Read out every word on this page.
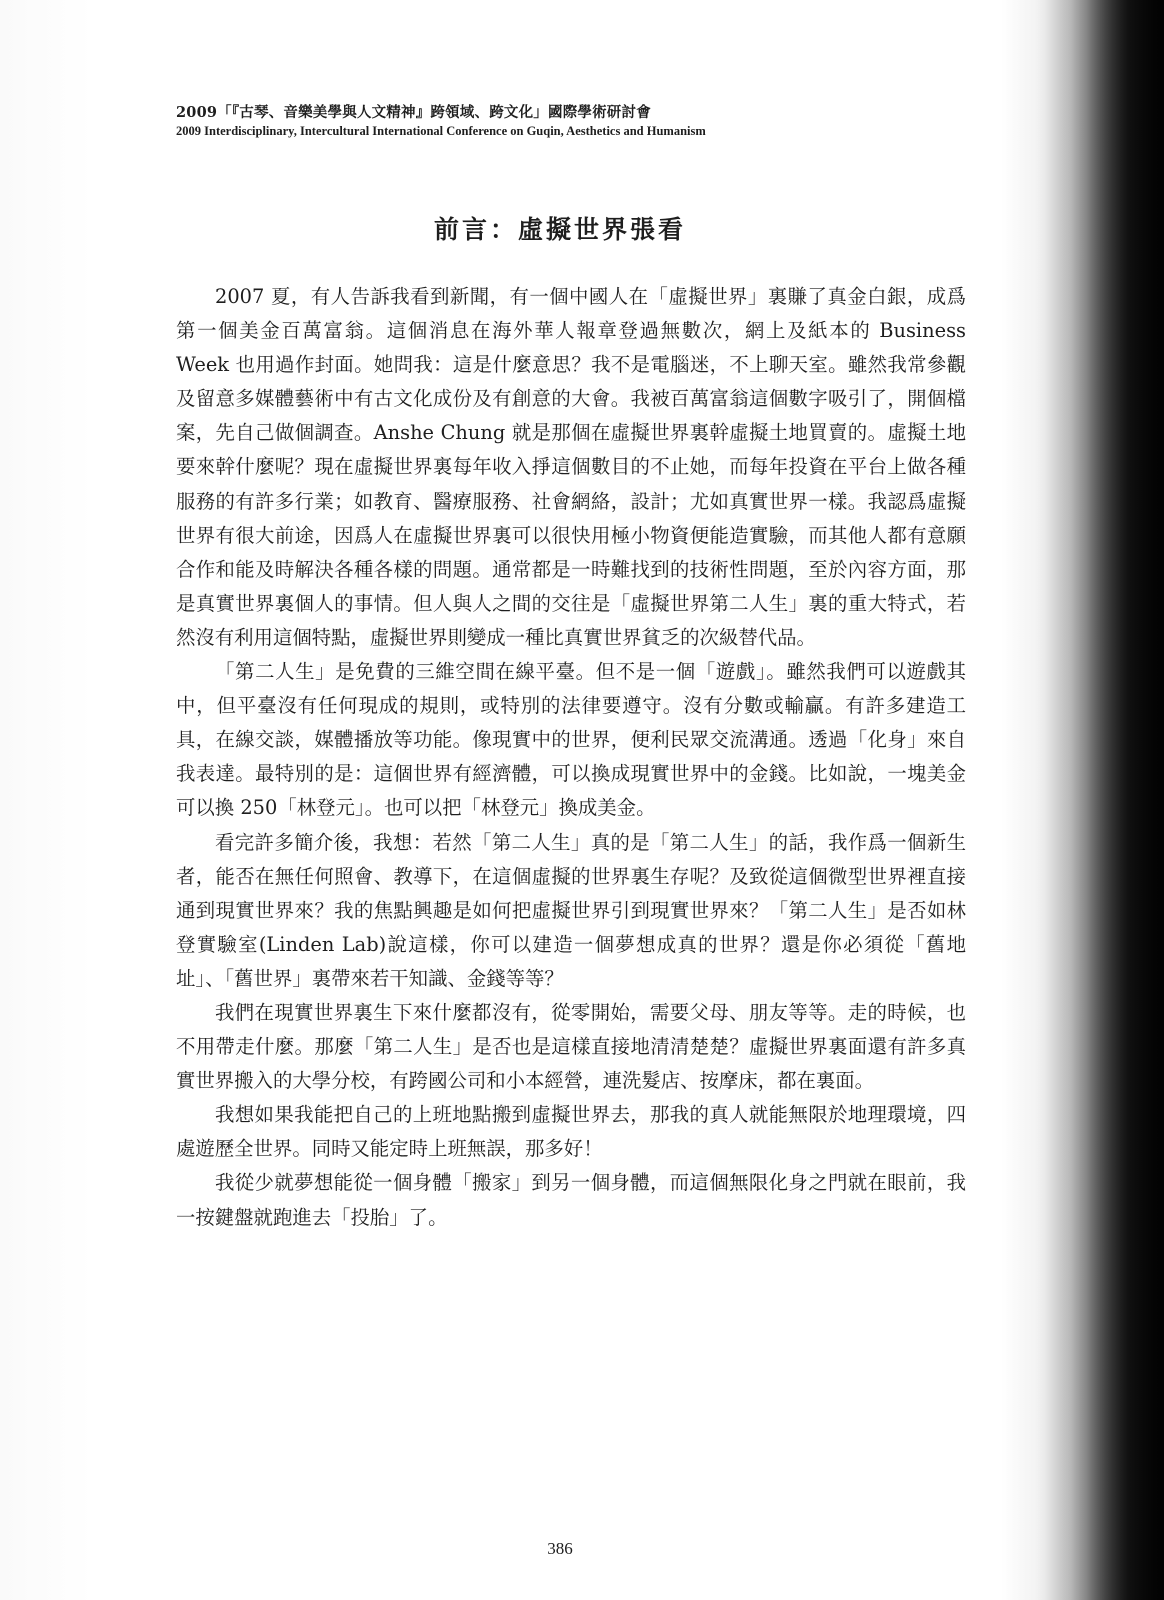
2009「『古琴、音樂美學與人文精神』跨領域、跨文化」國際學術研討會
2009 Interdisciplinary, Intercultural International Conference on Guqin, Aesthetics and Humanism
前言：虛擬世界張看

2007 夏，有人告訴我看到新聞，有一個中國人在「虛擬世界」裏賺了真金白銀，成爲第一個美金百萬富翁。這個消息在海外華人報章登過無數次，網上及紙本的 Business Week 也用過作封面。她問我：這是什麼意思？我不是電腦迷，不上聊天室。雖然我常參觀及留意多媒體藝術中有古文化成份及有創意的大會。我被百萬富翁這個數字吸引了，開個檔案，先自己做個調查。Anshe Chung 就是那個在虛擬世界裏幹虛擬土地買賣的。虛擬土地要來幹什麼呢？現在虛擬世界裏每年收入掙這個數目的不止她，而每年投資在平台上做各種服務的有許多行業；如教育、醫療服務、社會網絡，設計；尤如真實世界一樣。我認爲虛擬世界有很大前途，因爲人在虛擬世界裏可以很快用極小物資便能造實驗，而其他人都有意願合作和能及時解決各種各樣的問題。通常都是一時難找到的技術性問題，至於內容方面，那是真實世界裏個人的事情。但人與人之間的交往是「虛擬世界第二人生」裏的重大特式，若然沒有利用這個特點，虛擬世界則變成一種比真實世界貧乏的次級替代品。

「第二人生」是免費的三維空間在線平臺。但不是一個「遊戲」。雖然我們可以遊戲其中，但平臺沒有任何現成的規則，或特別的法律要遵守。沒有分數或輸贏。有許多建造工具，在線交談，媒體播放等功能。像現實中的世界，便利民眾交流溝通。透過「化身」來自我表達。最特別的是：這個世界有經濟體，可以換成現實世界中的金錢。比如說，一塊美金可以換 250「林登元」。也可以把「林登元」換成美金。

看完許多簡介後，我想：若然「第二人生」真的是「第二人生」的話，我作爲一個新生者，能否在無任何照會、教導下，在這個虛擬的世界裏生存呢？及致從這個微型世界裡直接通到現實世界來？我的焦點興趣是如何把虛擬世界引到現實世界來？「第二人生」是否如林登實驗室(Linden Lab)說這樣，你可以建造一個夢想成真的世界？還是你必須從「舊地址」、「舊世界」裏帶來若干知識、金錢等等？

我們在現實世界裏生下來什麼都沒有，從零開始，需要父母、朋友等等。走的時候，也不用帶走什麼。那麼「第二人生」是否也是這樣直接地清清楚楚？虛擬世界裏面還有許多真實世界搬入的大學分校，有跨國公司和小本經營，連洗髮店、按摩床，都在裏面。

我想如果我能把自己的上班地點搬到虛擬世界去，那我的真人就能無限於地理環境，四處遊歷全世界。同時又能定時上班無誤，那多好！

我從少就夢想能從一個身體「搬家」到另一個身體，而這個無限化身之門就在眼前，我一按鍵盤就跑進去「投胎」了。

386
